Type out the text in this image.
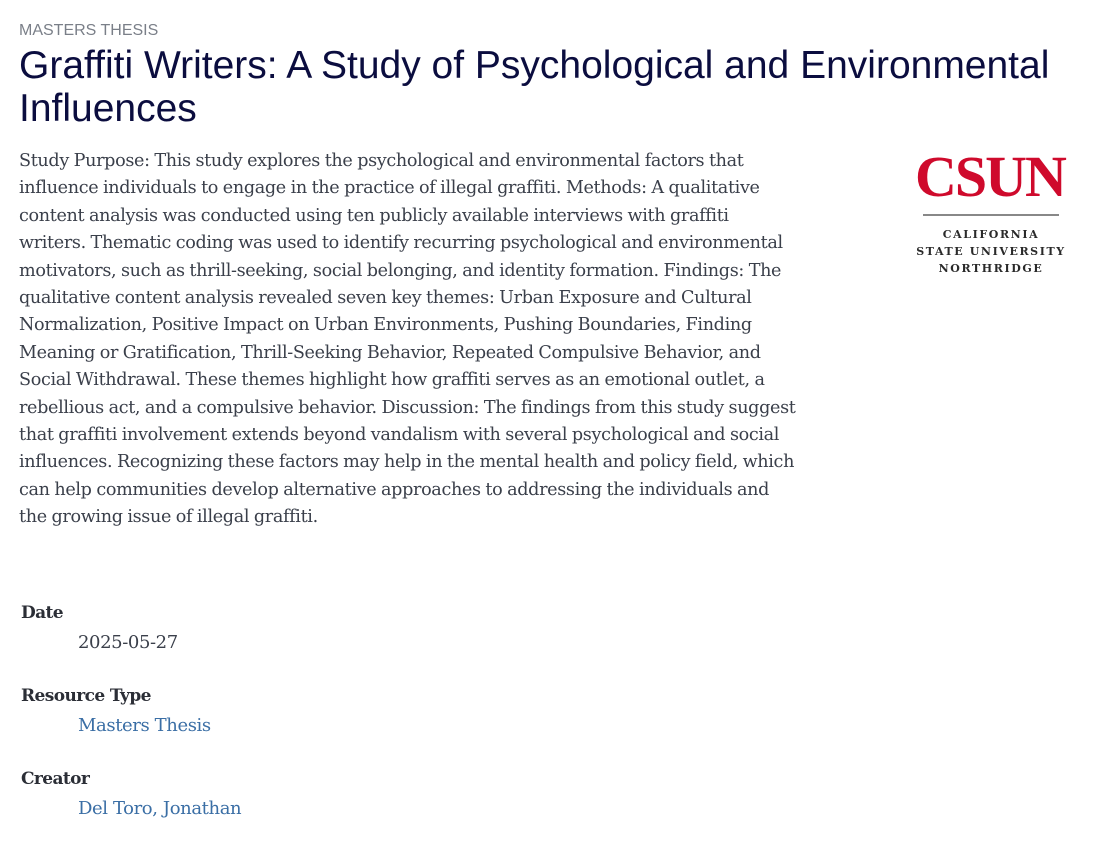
MASTERS THESIS
Graffiti Writers: A Study of Psychological and Environmental Influences

Study Purpose: This study explores the psychological and environmental factors that influence individuals to engage in the practice of illegal graffiti. Methods: A qualitative content analysis was conducted using ten publicly available interviews with graffiti writers. Thematic coding was used to identify recurring psychological and environmental motivators, such as thrill-seeking, social belonging, and identity formation. Findings: The qualitative content analysis revealed seven key themes: Urban Exposure and Cultural Normalization, Positive Impact on Urban Environments, Pushing Boundaries, Finding Meaning or Gratification, Thrill-Seeking Behavior, Repeated Compulsive Behavior, and Social Withdrawal. These themes highlight how graffiti serves as an emotional outlet, a rebellious act, and a compulsive behavior. Discussion: The findings from this study suggest that graffiti involvement extends beyond vandalism with several psychological and social influences. Recognizing these factors may help in the mental health and policy field, which can help communities develop alternative approaches to addressing the individuals and the growing issue of illegal graffiti.

CSUN
CALIFORNIA
STATE UNIVERSITY
NORTHRIDGE
Date
2025-05-27
Resource Type
Masters Thesis
Creator
Del Toro, Jonathan
